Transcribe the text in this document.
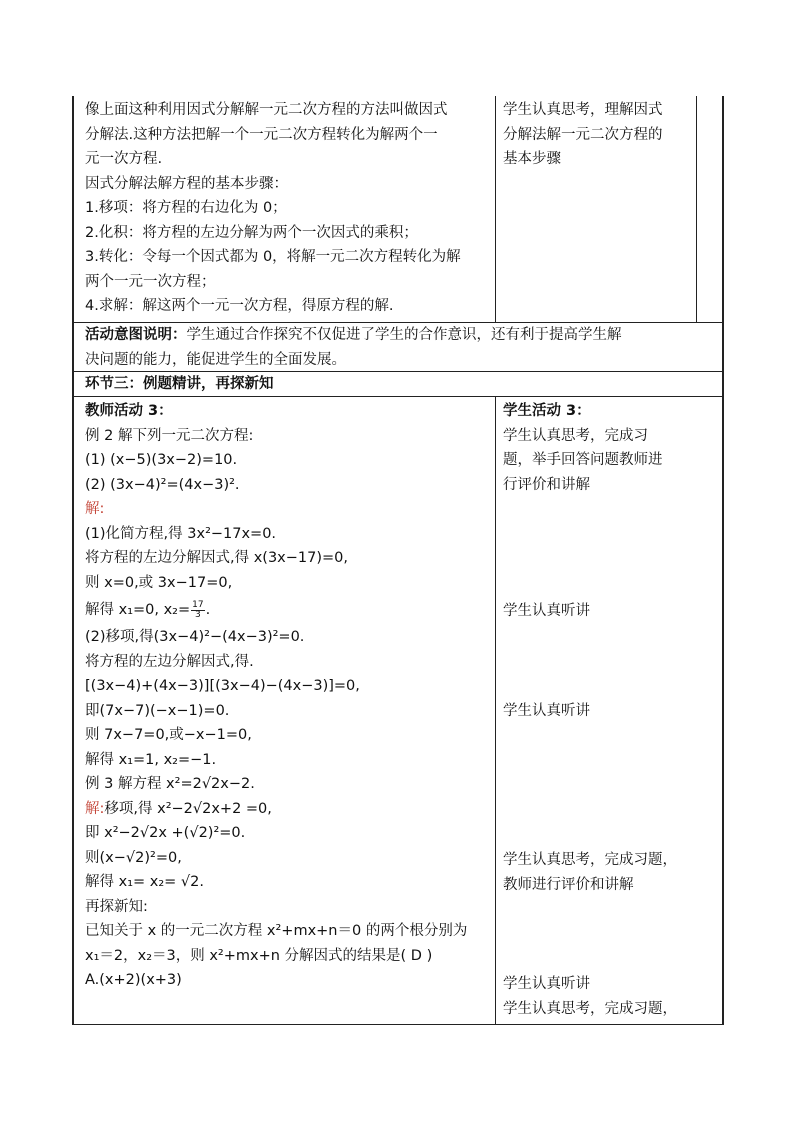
像上面这种利用因式分解解一元二次方程的方法叫做因式
分解法.这种方法把解一个一元二次方程转化为解两个一
元一次方程.
因式分解法解方程的基本步骤：
1.移项：将方程的右边化为 0；
2.化积：将方程的左边分解为两个一次因式的乘积；
3.转化：令每一个因式都为 0，将解一元二次方程转化为解
两个一元一次方程；
4.求解：解这两个一元一次方程，得原方程的解.
学生认真思考，理解因式
分解法解一元二次方程的
基本步骤
活动意图说明：学生通过合作探究不仅促进了学生的合作意识，还有利于提高学生解
决问题的能力，能促进学生的全面发展。
环节三：例题精讲，再探新知
教师活动 3：
例 2 解下列一元二次方程:
(1) (x−5)(3x−2)=10.
(2) (3x−4)²=(4x−3)².
解:
(1)化简方程,得 3x²−17x=0.
将方程的左边分解因式,得 x(3x−17)=0,
则 x=0,或 3x−17=0,
解得 x₁=0, $x_2= \frac{17}{3}$ .
(2)移项,得(3x−4)²−(4x−3)²=0.
将方程的左边分解因式,得.
[(3x−4)+(4x−3)][(3x−4)−(4x−3)]=0,
即(7x−7)(−x−1)=0.
则 7x−7=0,或−x−1=0,
解得 x₁=1, x₂=−1.
例 3 解方程 x²=2√2x−2.
解:移项,得 x²−2√2x+2 =0,
即 x²−2√2x +(√2)²=0.
则(x−√2)²=0,
解得 x₁= x₂= √2.
再探新知:
已知关于 x 的一元二次方程 x²+mx+n＝0 的两个根分别为
x₁＝2，x₂＝3，则 x²+mx+n 分解因式的结果是( D )
A.(x+2)(x+3)
学生活动 3：
学生认真思考，完成习
题，举手回答问题教师进
行评价和讲解
学生认真听讲
学生认真听讲
学生认真思考，完成习题，
教师进行评价和讲解
学生认真听讲
学生认真思考，完成习题，
